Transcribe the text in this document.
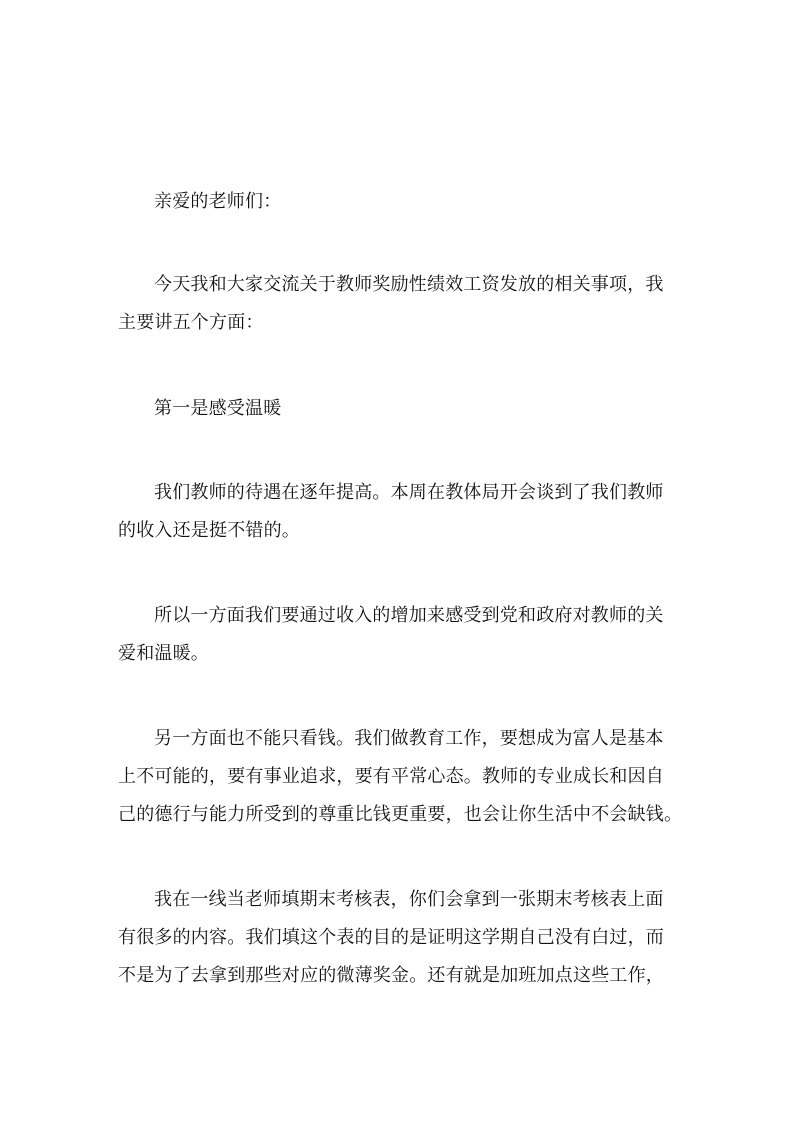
亲爱的老师们：
今天我和大家交流关于教师奖励性绩效工资发放的相关事项，我
主要讲五个方面：
第一是感受温暖
我们教师的待遇在逐年提高。本周在教体局开会谈到了我们教师
的收入还是挺不错的。
所以一方面我们要通过收入的增加来感受到党和政府对教师的关
爱和温暖。
另一方面也不能只看钱。我们做教育工作，要想成为富人是基本
上不可能的，要有事业追求，要有平常心态。教师的专业成长和因自
己的德行与能力所受到的尊重比钱更重要，也会让你生活中不会缺钱。
我在一线当老师填期末考核表，你们会拿到一张期末考核表上面
有很多的内容。我们填这个表的目的是证明这学期自己没有白过，而
不是为了去拿到那些对应的微薄奖金。还有就是加班加点这些工作，
